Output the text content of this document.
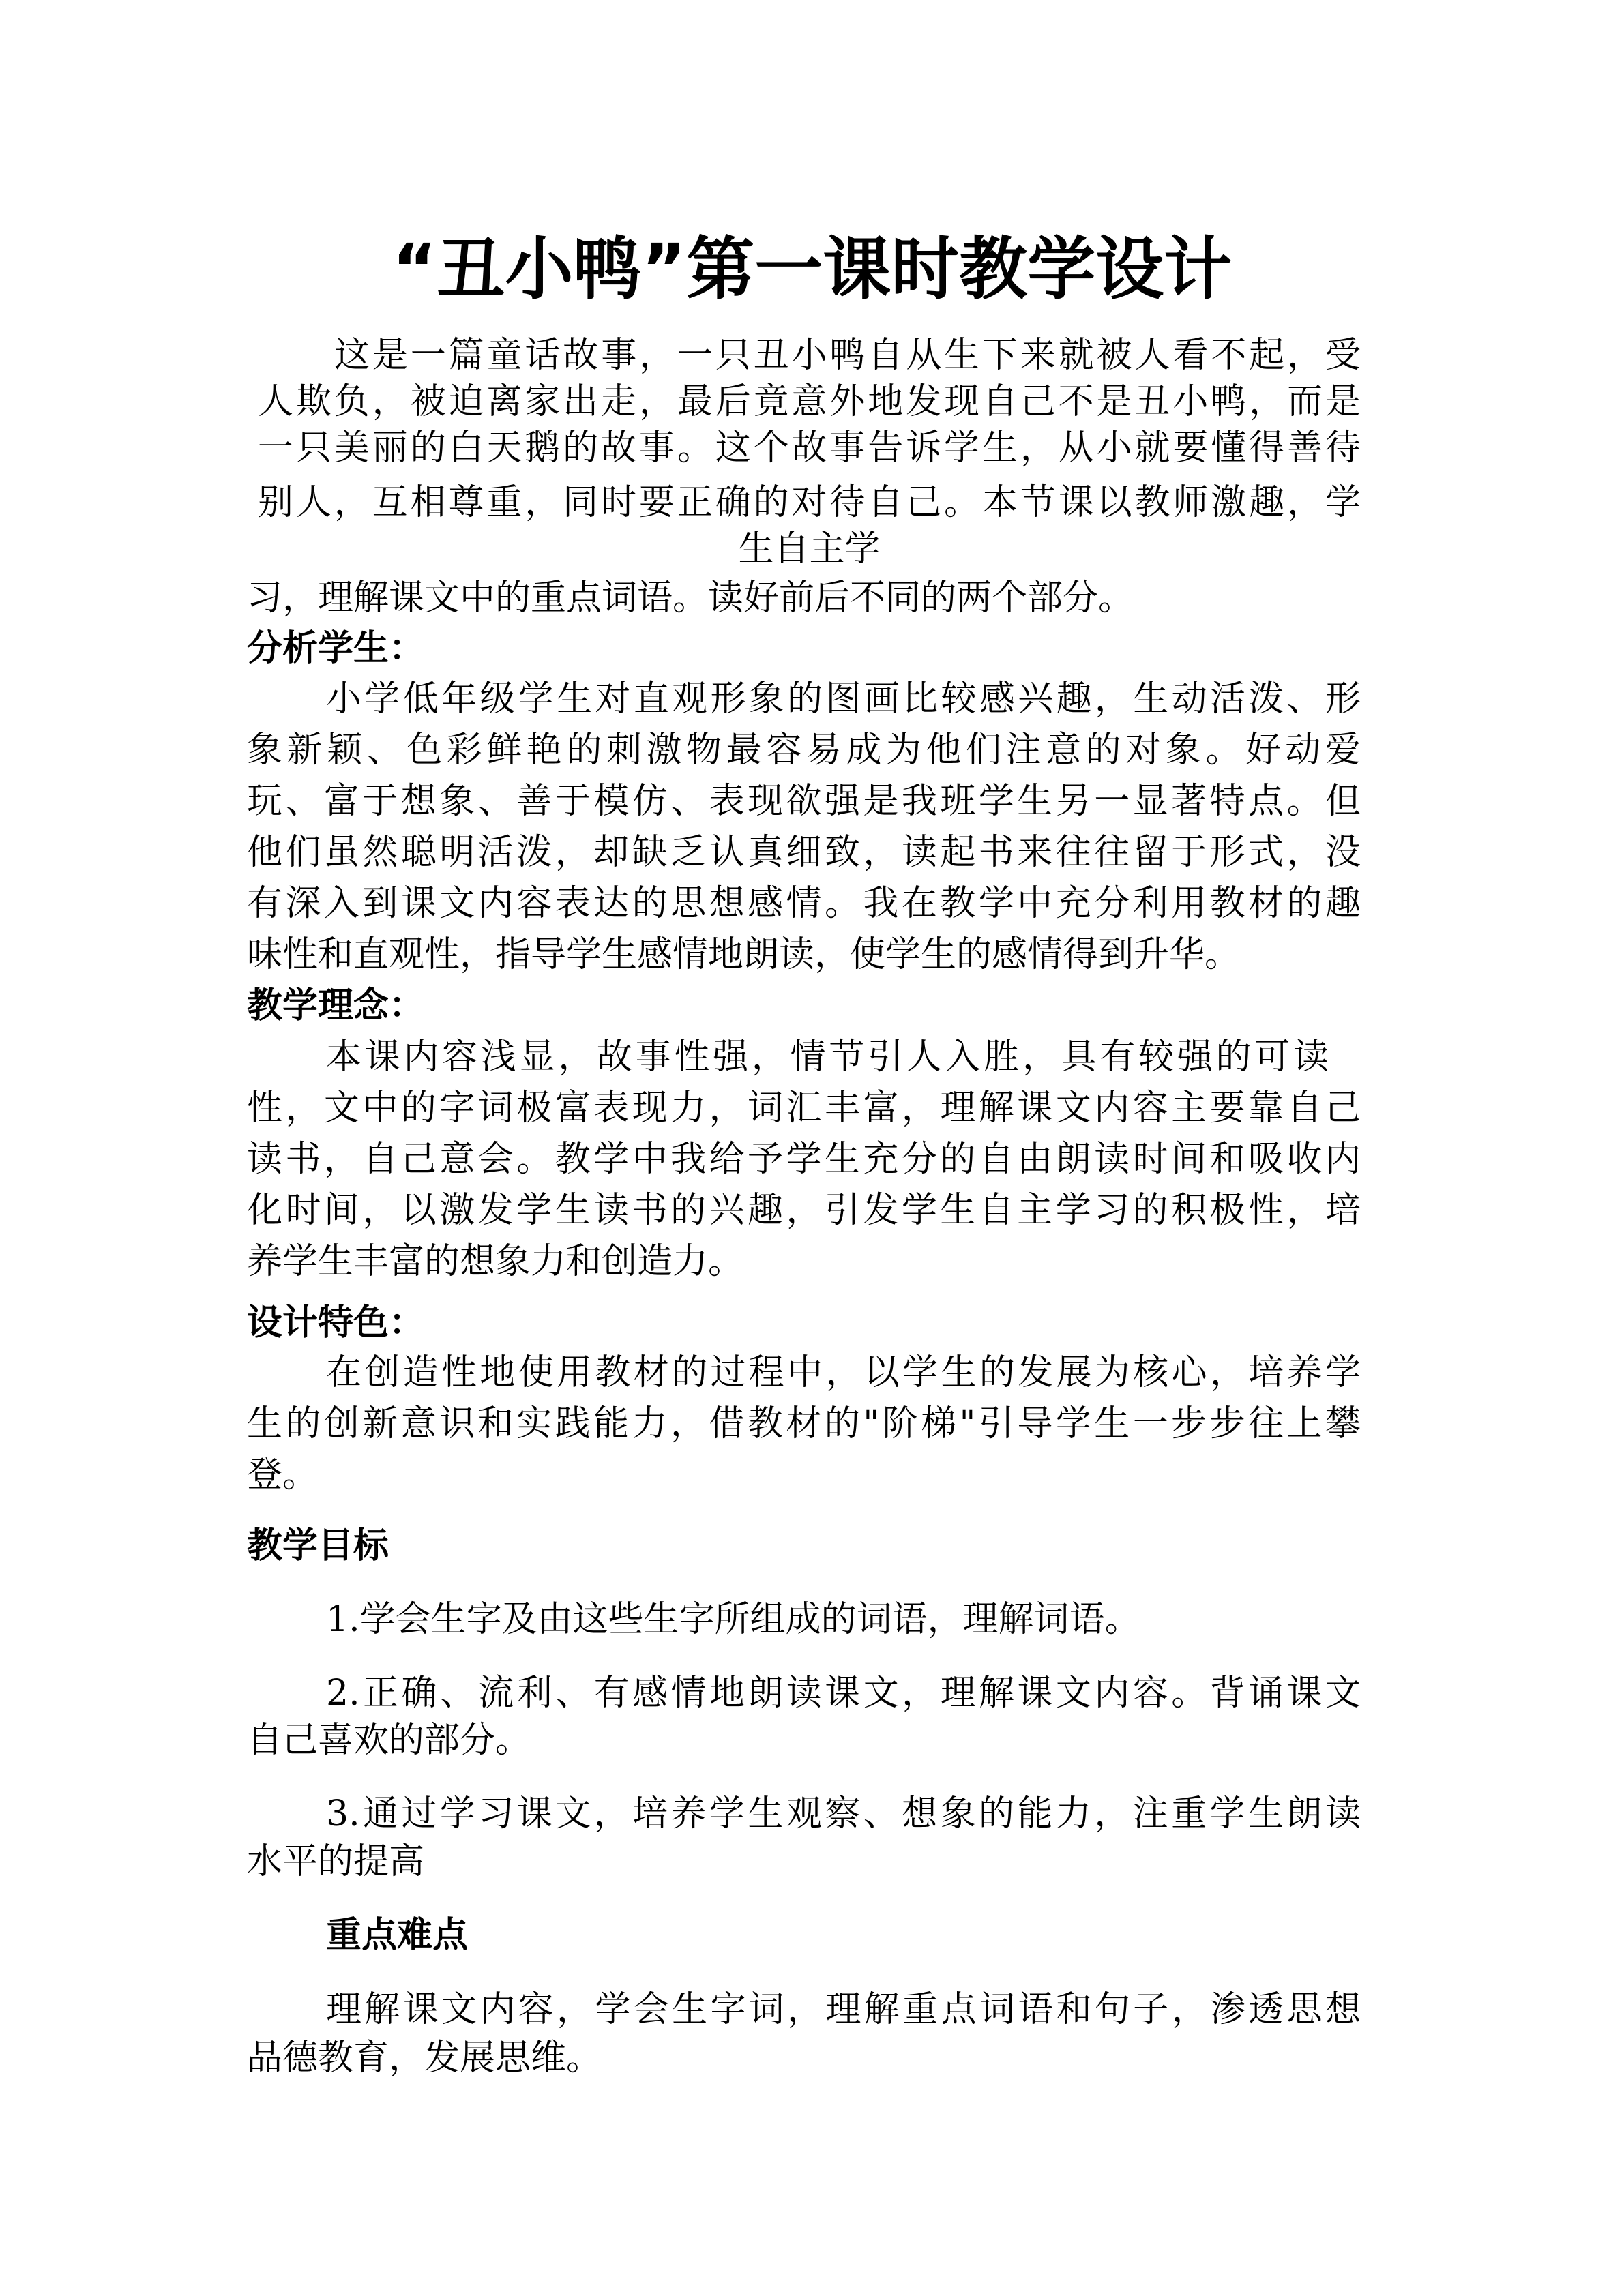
“丑小鸭”第一课时教学设计
这是一篇童话故事，一只丑小鸭自从生下来就被人看不起，受
人欺负，被迫离家出走，最后竟意外地发现自己不是丑小鸭，而是
一只美丽的白天鹅的故事。这个故事告诉学生，从小就要懂得善待
别人，互相尊重，同时要正确的对待自己。本节课以教师激趣，学
生自主学
习，理解课文中的重点词语。读好前后不同的两个部分。
分析学生：
小学低年级学生对直观形象的图画比较感兴趣，生动活泼、形
象新颖、色彩鲜艳的刺激物最容易成为他们注意的对象。好动爱
玩、富于想象、善于模仿、表现欲强是我班学生另一显著特点。但
他们虽然聪明活泼，却缺乏认真细致，读起书来往往留于形式，没
有深入到课文内容表达的思想感情。我在教学中充分利用教材的趣
味性和直观性，指导学生感情地朗读，使学生的感情得到升华。
教学理念：
本课内容浅显，故事性强，情节引人入胜，具有较强的可读
性，文中的字词极富表现力，词汇丰富，理解课文内容主要靠自己
读书，自己意会。教学中我给予学生充分的自由朗读时间和吸收内
化时间，以激发学生读书的兴趣，引发学生自主学习的积极性，培
养学生丰富的想象力和创造力。
设计特色：
在创造性地使用教材的过程中，以学生的发展为核心，培养学
生的创新意识和实践能力，借教材的"阶梯"引导学生一步步往上攀
登。
教学目标
1.学会生字及由这些生字所组成的词语，理解词语。
2.正确、流利、有感情地朗读课文，理解课文内容。背诵课文
自己喜欢的部分。
3.通过学习课文，培养学生观察、想象的能力，注重学生朗读
水平的提高
重点难点
理解课文内容，学会生字词，理解重点词语和句子，渗透思想
品德教育，发展思维。
